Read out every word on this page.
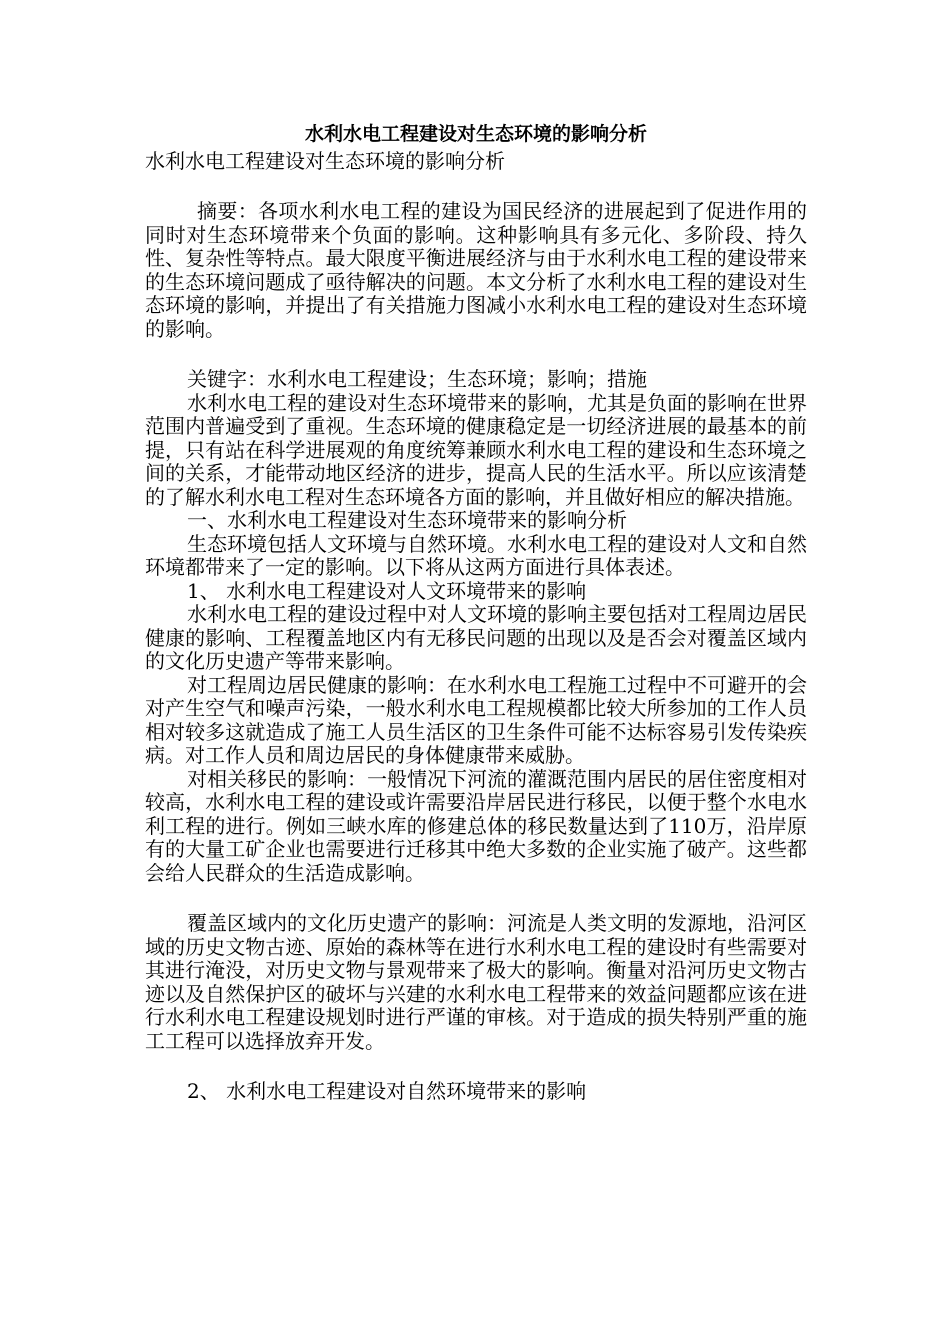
水利水电工程建设对生态环境的影响分析
水利水电工程建设对生态环境的影响分析

摘要：各项水利水电工程的建设为国民经济的进展起到了促进作用的同时对生态环境带来个负面的影响。这种影响具有多元化、多阶段、持久性、复杂性等特点。最大限度平衡进展经济与由于水利水电工程的建设带来的生态环境问题成了亟待解决的问题。本文分析了水利水电工程的建设对生态环境的影响，并提出了有关措施力图减小水利水电工程的建设对生态环境的影响。

关键字：水利水电工程建设；生态环境；影响；措施

水利水电工程的建设对生态环境带来的影响，尤其是负面的影响在世界范围内普遍受到了重视。生态环境的健康稳定是一切经济进展的最基本的前提，只有站在科学进展观的角度统筹兼顾水利水电工程的建设和生态环境之间的关系，才能带动地区经济的进步，提高人民的生活水平。所以应该清楚的了解水利水电工程对生态环境各方面的影响，并且做好相应的解决措施。

一、水利水电工程建设对生态环境带来的影响分析

生态环境包括人文环境与自然环境。水利水电工程的建设对人文和自然环境都带来了一定的影响。以下将从这两方面进行具体表述。

1、 水利水电工程建设对人文环境带来的影响

水利水电工程的建设过程中对人文环境的影响主要包括对工程周边居民健康的影响、工程覆盖地区内有无移民问题的出现以及是否会对覆盖区域内的文化历史遗产等带来影响。

对工程周边居民健康的影响：在水利水电工程施工过程中不可避开的会对产生空气和噪声污染，一般水利水电工程规模都比较大所参加的工作人员相对较多这就造成了施工人员生活区的卫生条件可能不达标容易引发传染疾病。对工作人员和周边居民的身体健康带来威胁。

对相关移民的影响：一般情况下河流的灌溉范围内居民的居住密度相对较高，水利水电工程的建设或许需要沿岸居民进行移民，以便于整个水电水利工程的进行。例如三峡水库的修建总体的移民数量达到了110万，沿岸原有的大量工矿企业也需要进行迁移其中绝大多数的企业实施了破产。这些都会给人民群众的生活造成影响。

覆盖区域内的文化历史遗产的影响：河流是人类文明的发源地，沿河区域的历史文物古迹、原始的森林等在进行水利水电工程的建设时有些需要对其进行淹没，对历史文物与景观带来了极大的影响。衡量对沿河历史文物古迹以及自然保护区的破坏与兴建的水利水电工程带来的效益问题都应该在进行水利水电工程建设规划时进行严谨的审核。对于造成的损失特别严重的施工工程可以选择放弃开发。

2、 水利水电工程建设对自然环境带来的影响
